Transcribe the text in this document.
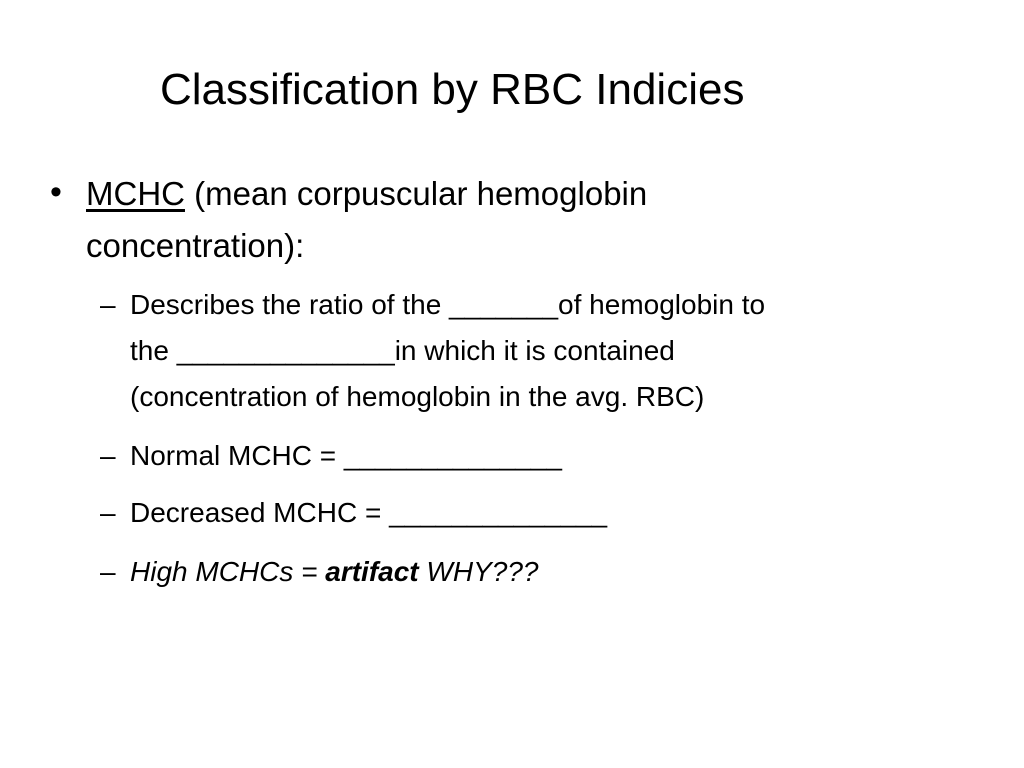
Classification by RBC Indicies
• MCHC (mean corpuscular hemoglobin
concentration):
– Describes the ratio of the _______of hemoglobin to
the ______________in which it is contained
(concentration of hemoglobin in the avg. RBC)
– Normal MCHC = ______________
– Decreased MCHC = ______________
– High MCHCs = artifact WHY???
